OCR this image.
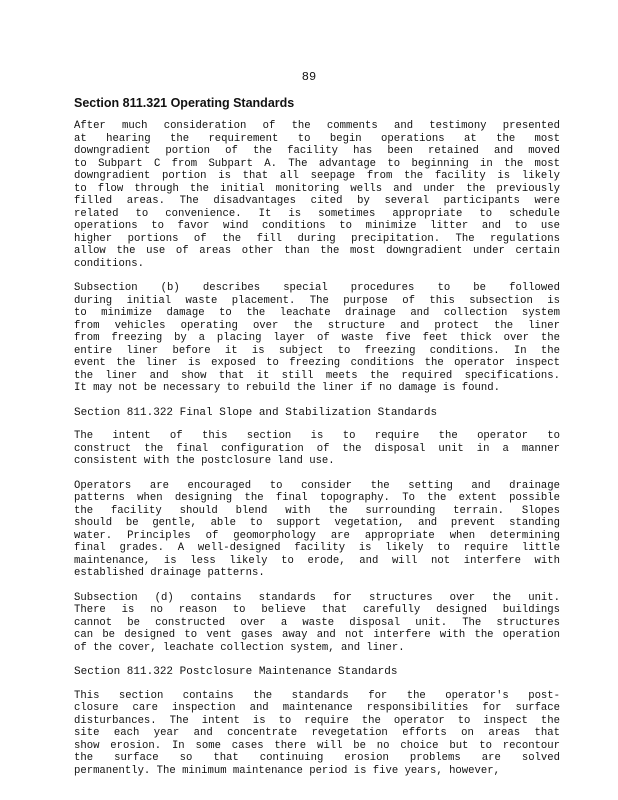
89
Section 811.321 Operating Standards
After much consideration of the comments and testimony presented
at hearing the requirement to begin operations at the most
downgradient portion of the facility has been retained and moved
to Subpart C from Subpart A. The advantage to beginning in the most
downgradient portion is that all seepage from the facility is likely
to flow through the initial monitoring wells and under the previously
filled areas. The disadvantages cited by several participants were
related to convenience. It is sometimes appropriate to schedule
operations to favor wind conditions to minimize litter and to use
higher portions of the fill during precipitation. The regulations
allow the use of areas other than the most downgradient under certain
conditions.
Subsection (b) describes special procedures to be followed
during initial waste placement. The purpose of this subsection is
to minimize damage to the leachate drainage and collection system
from vehicles operating over the structure and protect the liner
from freezing by a placing layer of waste five feet thick over the
entire liner before it is subject to freezing conditions. In the
event the liner is exposed to freezing conditions the operator inspect
the liner and show that it still meets the required specifications.
It may not be necessary to rebuild the liner if no damage is found.
Section 811.322 Final Slope and Stabilization Standards
The intent of this section is to require the operator to
construct the final configuration of the disposal unit in a manner
consistent with the postclosure land use.
Operators are encouraged to consider the setting and drainage
patterns when designing the final topography. To the extent possible
the facility should blend with the surrounding terrain. Slopes
should be gentle, able to support vegetation, and prevent standing
water. Principles of geomorphology are appropriate when determining
final grades. A well-designed facility is likely to require little
maintenance, is less likely to erode, and will not interfere with
established drainage patterns.
Subsection (d) contains standards for structures over the unit.
There is no reason to believe that carefully designed buildings
cannot be constructed over a waste disposal unit. The structures
can be designed to vent gases away and not interfere with the operation
of the cover, leachate collection system, and liner.
Section 811.322 Postclosure Maintenance Standards
This section contains the standards for the operator's post-
closure care inspection and maintenance responsibilities for surface
disturbances. The intent is to require the operator to inspect the
site each year and concentrate revegetation efforts on areas that
show erosion. In some cases there will be no choice but to recontour
the surface so that continuing erosion problems are solved
permanently. The minimum maintenance period is five years, however,
